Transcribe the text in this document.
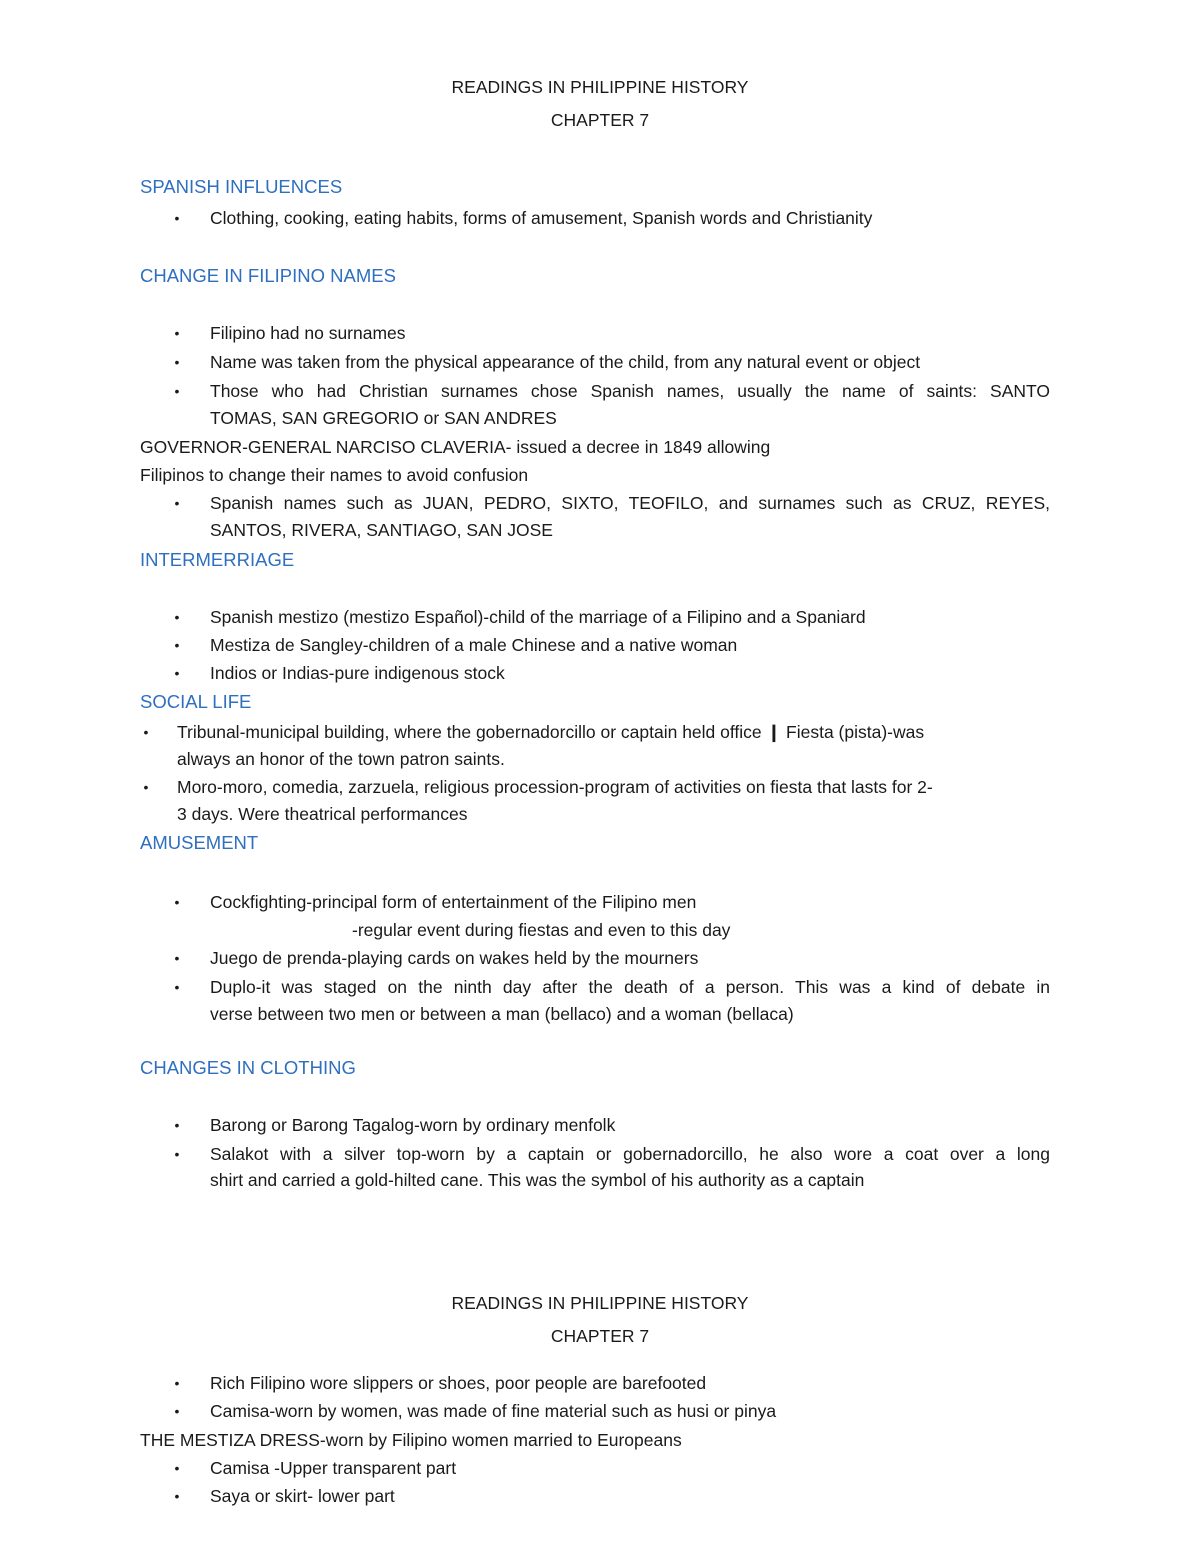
READINGS IN PHILIPPINE HISTORY
CHAPTER 7
SPANISH INFLUENCES
• Clothing, cooking, eating habits, forms of amusement, Spanish words and Christianity
CHANGE IN FILIPINO NAMES
• Filipino had no surnames
• Name was taken from the physical appearance of the child, from any natural event or object
• Those who had Christian surnames chose Spanish names, usually the name of saints: SANTO
TOMAS, SAN GREGORIO or SAN ANDRES
GOVERNOR-GENERAL NARCISO CLAVERIA- issued a decree in 1849 allowing
Filipinos to change their names to avoid confusion
• Spanish names such as JUAN, PEDRO, SIXTO, TEOFILO, and surnames such as CRUZ, REYES,
SANTOS, RIVERA, SANTIAGO, SAN JOSE
INTERMERRIAGE
• Spanish mestizo (mestizo Español)-child of the marriage of a Filipino and a Spaniard
• Mestiza de Sangley-children of a male Chinese and a native woman
• Indios or Indias-pure indigenous stock
SOCIAL LIFE
• Tribunal-municipal building, where the gobernadorcillo or captain held office ❙ Fiesta (pista)-was
always an honor of the town patron saints.
• Moro-moro, comedia, zarzuela, religious procession-program of activities on fiesta that lasts for 2-
3 days. Were theatrical performances
AMUSEMENT
• Cockfighting-principal form of entertainment of the Filipino men
-regular event during fiestas and even to this day
• Juego de prenda-playing cards on wakes held by the mourners
• Duplo-it was staged on the ninth day after the death of a person. This was a kind of debate in
verse between two men or between a man (bellaco) and a woman (bellaca)
CHANGES IN CLOTHING
• Barong or Barong Tagalog-worn by ordinary menfolk
• Salakot with a silver top-worn by a captain or gobernadorcillo, he also wore a coat over a long
shirt and carried a gold-hilted cane. This was the symbol of his authority as a captain
READINGS IN PHILIPPINE HISTORY
CHAPTER 7
• Rich Filipino wore slippers or shoes, poor people are barefooted
• Camisa-worn by women, was made of fine material such as husi or pinya
THE MESTIZA DRESS-worn by Filipino women married to Europeans
• Camisa -Upper transparent part
• Saya or skirt- lower part
